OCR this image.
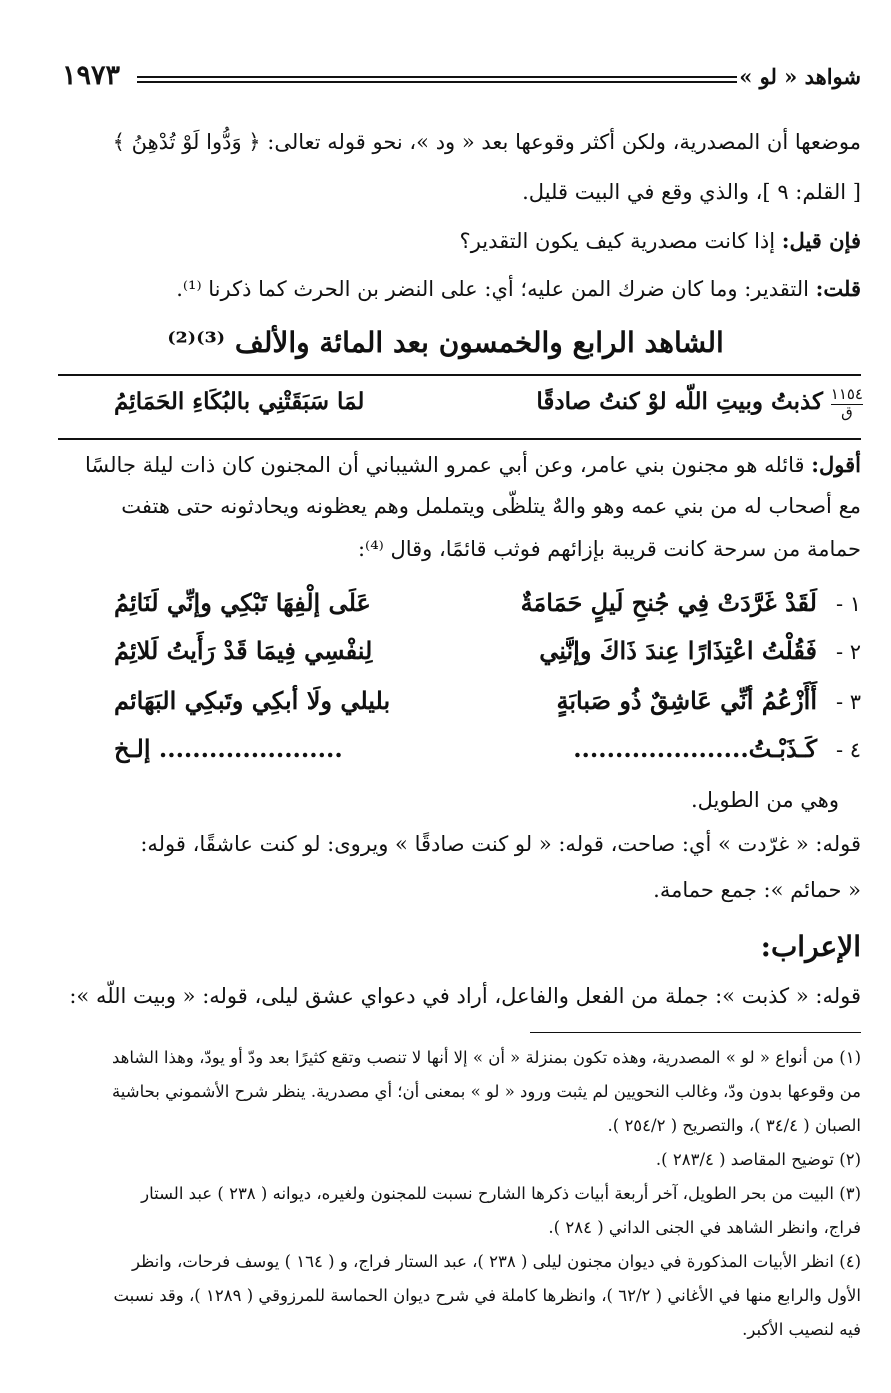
شواهد « لو »
١٩٧٣
موضعها أن المصدرية، ولكن أكثر وقوعها بعد « ود »، نحو قوله تعالى: ﴿ وَدُّوا لَوْ تُدْهِنُ ﴾
[ القلم: ٩ ]، والذي وقع في البيت قليل.
فإن قيل: إذا كانت مصدرية كيف يكون التقدير؟
قلت: التقدير: وما كان ضرك المن عليه؛ أي: على النضر بن الحرث كما ذكرنا ⁽¹⁾.
الشاهد الرابع والخمسون بعد المائة والألف ⁽³⁾⁽²⁾
١١٥٤
ق
كذبتُ وبيتِ اللّه لوْ كنتُ صادقًا
لمَا سَبَقَتْنِي بالبُكَاءِ الحَمَائِمُ
أقول: قائله هو مجنون بني عامر، وعن أبي عمرو الشيباني أن المجنون كان ذات ليلة جالسًا
مع أصحاب له من بني عمه وهو والهٌ يتلظّى ويتململ وهم يعظونه ويحادثونه حتى هتفت
حمامة من سرحة كانت قريبة بإزائهم فوثب قائمًا، وقال ⁽⁴⁾:
١ -
لَقَدْ غَرَّدَتْ فِي جُنحِ لَيلٍ حَمَامَةٌ
عَلَى إلْفِهَا تَبْكِي وإنِّي لَنَائِمُ
٢ -
فَقُلْتُ اعْتِذَارًا عِندَ ذَاكَ وإنَّنِي
لِنفْسِي فِيمَا قَدْ رَأَيتُ لَلائِمُ
٣ -
أَأَزْعُمُ أنِّي عَاشِقٌ ذُو صَبابَةٍ
بليلي ولَا أبكِي وتَبكِي البَهَائم
٤ -
كَـذَبْـتُ.....................
...................... إلـخ
وهي من الطويل.
قوله: « غرّدت » أي: صاحت، قوله: « لو كنت صادقًا » ويروى: لو كنت عاشقًا، قوله:
« حمائم »: جمع حمامة.
الإعراب:
قوله: « كذبت »: جملة من الفعل والفاعل، أراد في دعواي عشق ليلى، قوله: « وبيت اللّه »:
(١) من أنواع « لو » المصدرية، وهذه تكون بمنزلة « أن » إلا أنها لا تنصب وتقع كثيرًا بعد ودّ أو يودّ، وهذا الشاهد
من وقوعها بدون ودّ، وغالب النحويين لم يثبت ورود « لو » بمعنى أن؛ أي مصدرية. ينظر شرح الأشموني بحاشية
الصبان ( ٣٤/٤ )، والتصريح ( ٢٥٤/٢ ).
(٢) توضيح المقاصد ( ٢٨٣/٤ ).
(٣) البيت من بحر الطويل، آخر أربعة أبيات ذكرها الشارح نسبت للمجنون ولغيره، ديوانه ( ٢٣٨ ) عبد الستار
فراج، وانظر الشاهد في الجنى الداني ( ٢٨٤ ).
(٤) انظر الأبيات المذكورة في ديوان مجنون ليلى ( ٢٣٨ )، عبد الستار فراج، و ( ١٦٤ ) يوسف فرحات، وانظر
الأول والرابع منها في الأغاني ( ٦٢/٢ )، وانظرها كاملة في شرح ديوان الحماسة للمرزوقي ( ١٢٨٩ )، وقد نسبت
فيه لنصيب الأكبر.
